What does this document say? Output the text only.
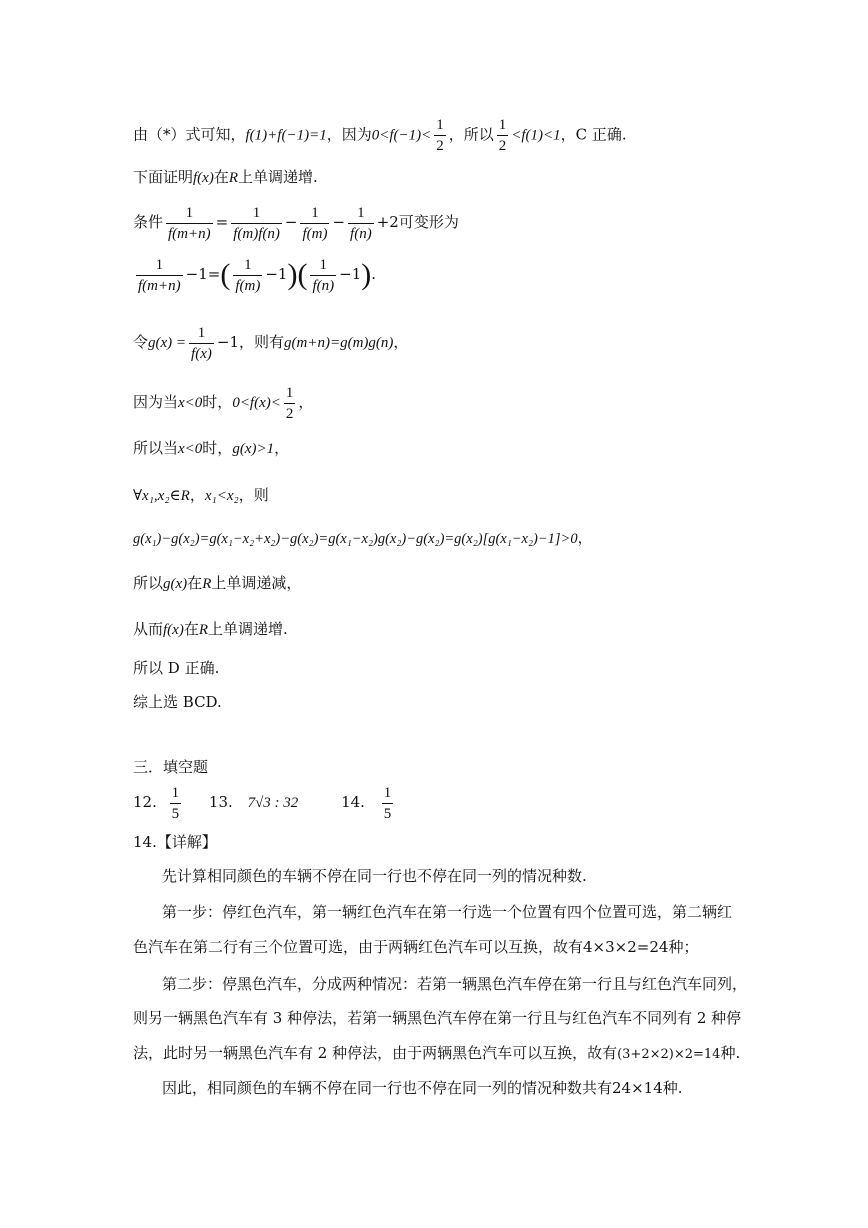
由（*）式可知，f(1)+f(−1)=1，因为$0<f(-1)< \frac{1}{2}$ ，所以 $\frac{1}{2} <f(1)<1$，C 正确.
下面证明f(x)在R上单调递增.
条件 $\frac{1}{f(m+n)} = \frac{1}{f(m)f(n)} - \frac{1}{f(m)} - \frac{1}{f(n)} +2$可变形为
$\frac{1}{f(m+n)} -1=( \frac{1}{f(m)} -1)( \frac{1}{f(n)} -1)$.
令$g(x) = \frac{1}{f(x)} -1$，则有g(m+n)=g(m)g(n)，
因为当x<0时，$0<f(x)< \frac{1}{2}$ ，
所以当x<0时，g(x)>1，
∀x₁,x₂∈R，x₁<x₂，则
g(x₁)−g(x₂)=g(x₁−x₂+x₂)−g(x₂)=g(x₁−x₂)g(x₂)−g(x₂)=g(x₂)[g(x₁−x₂)−1]>0，
所以g(x)在R上单调递减，
从而f(x)在R上单调递增.
所以 D 正确.
综上选 BCD.
三．填空题
12. $\frac{1}{5} 13$. 7√3 : 32	14. $\frac{1}{5}$
14.【详解】
先计算相同颜色的车辆不停在同一行也不停在同一列的情况种数.
第一步：停红色汽车，第一辆红色汽车在第一行选一个位置有四个位置可选，第二辆红
色汽车在第二行有三个位置可选，由于两辆红色汽车可以互换，故有4×3×2=24种；
第二步：停黑色汽车，分成两种情况：若第一辆黑色汽车停在第一行且与红色汽车同列，
则另一辆黑色汽车有 3 种停法，若第一辆黑色汽车停在第一行且与红色汽车不同列有 2 种停
法，此时另一辆黑色汽车有 2 种停法，由于两辆黑色汽车可以互换，故有(3+2×2)×2=14种.
因此，相同颜色的车辆不停在同一行也不停在同一列的情况种数共有24×14种.
